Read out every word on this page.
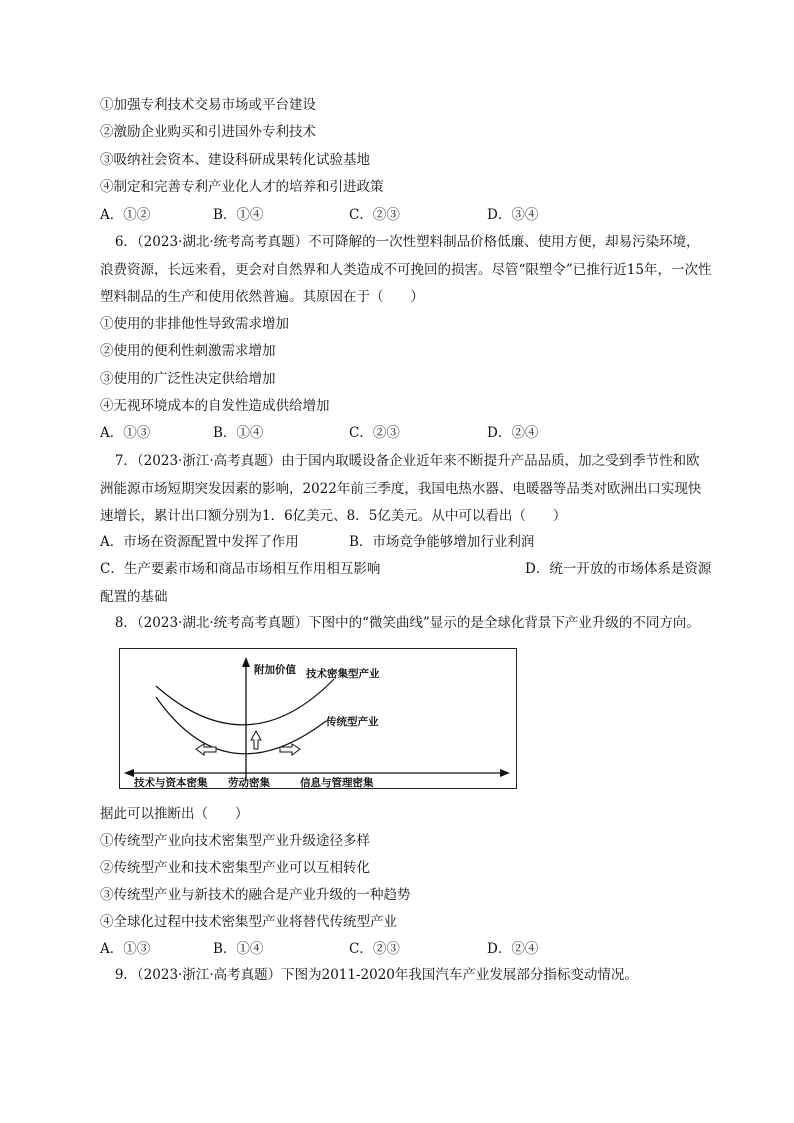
①加强专利技术交易市场或平台建设
②激励企业购买和引进国外专利技术
③吸纳社会资本、建设科研成果转化试验基地
④制定和完善专利产业化人才的培养和引进政策
A．①②	B．①④	C．②③	D．③④
6．（2023·湖北·统考高考真题）不可降解的一次性塑料制品价格低廉、使用方便，却易污染环境，浪费资源，长远来看，更会对自然界和人类造成不可挽回的损害。尽管“限塑令”已推行近15年，一次性塑料制品的生产和使用依然普遍。其原因在于（　　）
①使用的非排他性导致需求增加
②使用的便利性刺激需求增加
③使用的广泛性决定供给增加
④无视环境成本的自发性造成供给增加
A．①③	B．①④	C．②③	D．②④
7．（2023·浙江·高考真题）由于国内取暖设备企业近年来不断提升产品品质，加之受到季节性和欧洲能源市场短期突发因素的影响，2022年前三季度，我国电热水器、电暖器等品类对欧洲出口实现快速增长，累计出口额分别为1．6亿美元、8．5亿美元。从中可以看出（　　）
A．市场在资源配置中发挥了作用	B．市场竞争能够增加行业利润
C．生产要素市场和商品市场相互作用相互影响	D．统一开放的市场体系是资源
配置的基础
8．（2023·湖北·统考高考真题）下图中的“微笑曲线”显示的是全球化背景下产业升级的不同方向。
附加价值 技术密集型产业
传统型产业
技术与资本密集 劳动密集	信息与管理密集
据此可以推断出（　　）
①传统型产业向技术密集型产业升级途径多样
②传统型产业和技术密集型产业可以互相转化
③传统型产业与新技术的融合是产业升级的一种趋势
④全球化过程中技术密集型产业将替代传统型产业
A．①③	B．①④	C．②③	D．②④
9．（2023·浙江·高考真题）下图为2011-2020年我国汽车产业发展部分指标变动情况。
